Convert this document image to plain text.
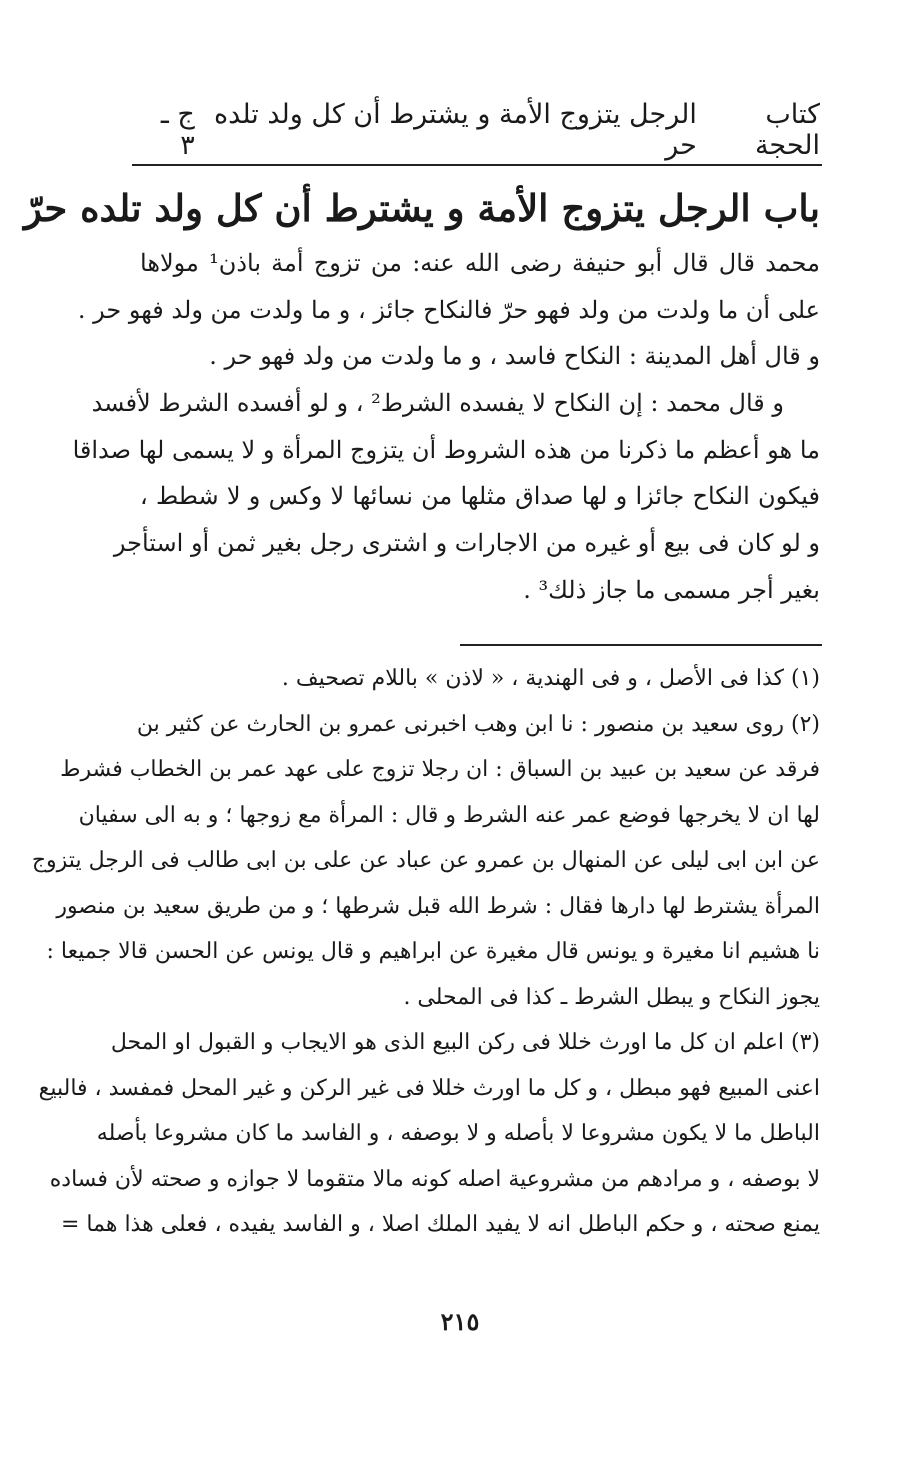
كتاب الحجة
الرجل يتزوج الأمة و يشترط أن كل ولد تلده حر
ج ـ ٣
باب الرجل يتزوج الأمة و يشترط أن كل ولد تلده حرّ
محمد قال قال أبو حنيفة رضى الله عنه: من تزوج أمة باذن¹ مولاها
على أن ما ولدت من ولد فهو حرّ فالنكاح جائز ، و ما ولدت من ولد فهو حر .
و قال أهل المدينة : النكاح فاسد ، و ما ولدت من ولد فهو حر .
و قال محمد : إن النكاح لا يفسده الشرط² ، و لو أفسده الشرط لأفسد
ما هو أعظم ما ذكرنا من هذه الشروط أن يتزوج المرأة و لا يسمى لها صداقا
فيكون النكاح جائزا و لها صداق مثلها من نسائها لا وكس و لا شطط ،
و لو كان فى بيع أو غيره من الاجارات و اشترى رجل بغير ثمن أو استأجر
بغير أجر مسمى ما جاز ذلك³ .
(١) كذا فى الأصل ، و فى الهندية ، « لاذن » باللام تصحيف .
(٢) روى سعيد بن منصور : نا ابن وهب اخبرنى عمرو بن الحارث عن كثير بن
فرقد عن سعيد بن عبيد بن السباق : ان رجلا تزوج على عهد عمر بن الخطاب فشرط
لها ان لا يخرجها فوضع عمر عنه الشرط و قال : المرأة مع زوجها ؛ و به الى سفيان
عن ابن ابى ليلى عن المنهال بن عمرو عن عباد عن على بن ابى طالب فى الرجل يتزوج
المرأة يشترط لها دارها فقال : شرط الله قبل شرطها ؛ و من طريق سعيد بن منصور
نا هشيم انا مغيرة و يونس قال مغيرة عن ابراهيم و قال يونس عن الحسن قالا جميعا :
يجوز النكاح و يبطل الشرط ـ كذا فى المحلى .
(٣) اعلم ان كل ما اورث خللا فى ركن البيع الذى هو الايجاب و القبول او المحل
اعنى المبيع فهو مبطل ، و كل ما اورث خللا فى غير الركن و غير المحل فمفسد ، فالبيع
الباطل ما لا يكون مشروعا لا بأصله و لا بوصفه ، و الفاسد ما كان مشروعا بأصله
لا بوصفه ، و مرادهم من مشروعية اصله كونه مالا متقوما لا جوازه و صحته لأن فساده
يمنع صحته ، و حكم الباطل انه لا يفيد الملك اصلا ، و الفاسد يفيده ، فعلى هذا هما =
٢١٥
